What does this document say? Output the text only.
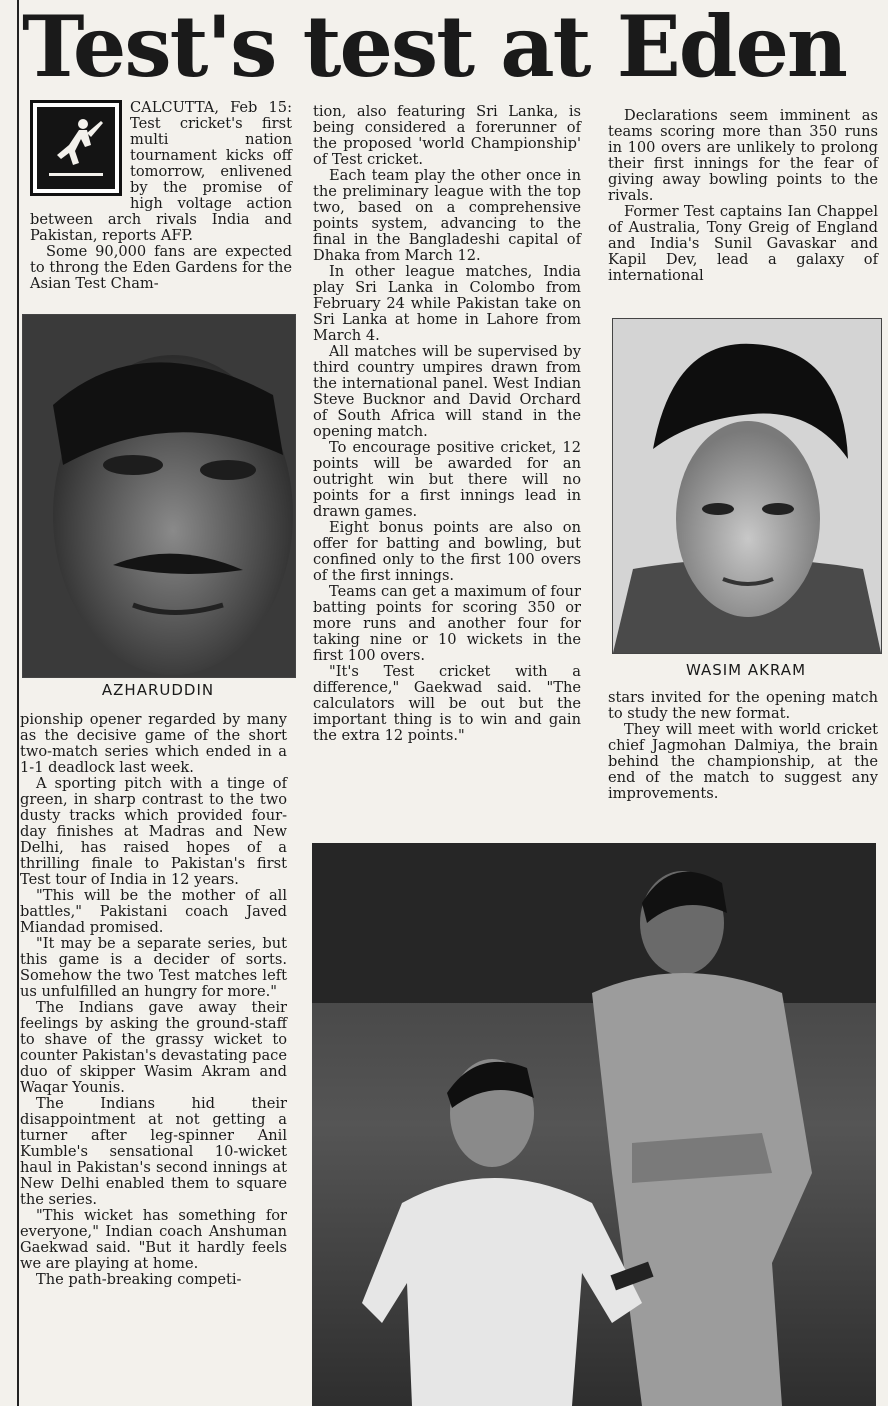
Test's test at Eden

CALCUTTA, Feb 15: Test cricket's first multi nation tournament kicks off tomorrow, enlivened by the promise of high voltage action between arch rivals India and Pakistan, reports AFP.

Some 90,000 fans are expected to throng the Eden Gardens for the Asian Test Cham-

AZHARUDDIN

pionship opener regarded by many as the decisive game of the short two-match series which ended in a 1-1 deadlock last week.

A sporting pitch with a tinge of green, in sharp contrast to the two dusty tracks which provided four-day finishes at Madras and New Delhi, has raised hopes of a thrilling finale to Pakistan's first Test tour of India in 12 years.

"This will be the mother of all battles," Pakistani coach Javed Miandad promised.

"It may be a separate series, but this game is a decider of sorts. Somehow the two Test matches left us unfulfilled an hungry for more."

The Indians gave away their feelings by asking the ground-staff to shave of the grassy wicket to counter Pakistan's devastating pace duo of skipper Wasim Akram and Waqar Younis.

The Indians hid their disappointment at not getting a turner after leg-spinner Anil Kumble's sensational 10-wicket haul in Pakistan's second innings at New Delhi enabled them to square the series.

"This wicket has something for everyone," Indian coach Anshuman Gaekwad said. "But it hardly feels we are playing at home.

The path-breaking competi-

tion, also featuring Sri Lanka, is being considered a forerunner of the proposed 'world Championship' of Test cricket.

Each team play the other once in the preliminary league with the top two, based on a comprehensive points system, advancing to the final in the Bangladeshi capital of Dhaka from March 12.

In other league matches, India play Sri Lanka in Colombo from February 24 while Pakistan take on Sri Lanka at home in Lahore from March 4.

All matches will be supervised by third country umpires drawn from the international panel. West Indian Steve Bucknor and David Orchard of South Africa will stand in the opening match.

To encourage positive cricket, 12 points will be awarded for an outright win but there will no points for a first innings lead in drawn games.

Eight bonus points are also on offer for batting and bowling, but confined only to the first 100 overs of the first innings.

Teams can get a maximum of four batting points for scoring 350 or more runs and another four for taking nine or 10 wickets in the first 100 overs.

"It's Test cricket with a difference," Gaekwad said. "The calculators will be out but the important thing is to win and gain the extra 12 points."

Declarations seem imminent as teams scoring more than 350 runs in 100 overs are unlikely to prolong their first innings for the fear of giving away bowling points to the rivals.

Former Test captains Ian Chappel of Australia, Tony Greig of England and India's Sunil Gavaskar and Kapil Dev, lead a galaxy of international

WASIM AKRAM

stars invited for the opening match to study the new format.

They will meet with world cricket chief Jagmohan Dalmiya, the brain behind the championship, at the end of the match to suggest any improvements.
